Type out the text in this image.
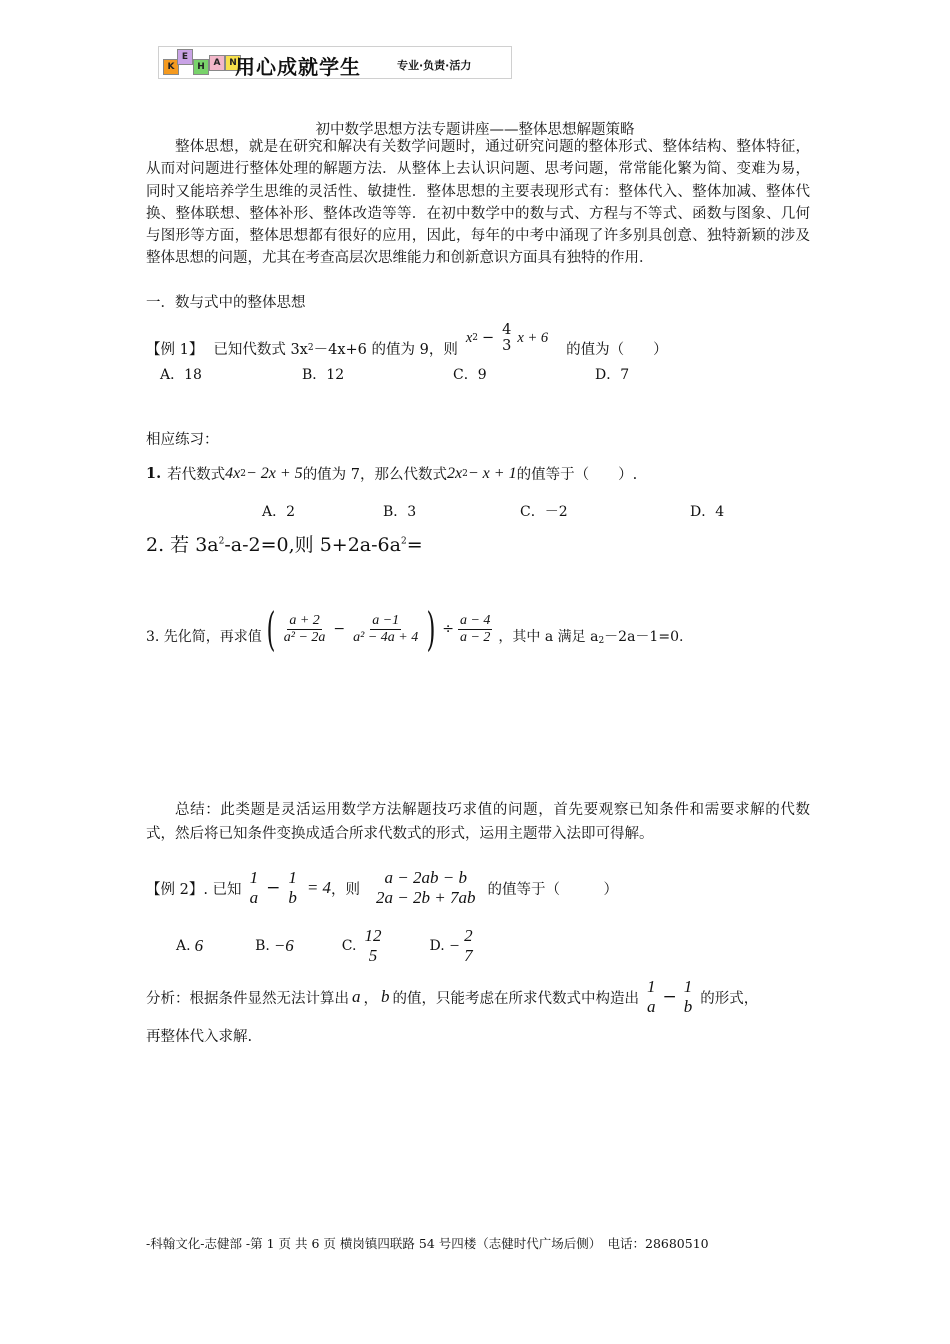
K
E
H A N
用心成就学生	专业·负责·活力
初中数学思想方法专题讲座——整体思想解题策略
整体思想，就是在研究和解决有关数学问题时，通过研究问题的整体形式、整体结构、整体特征，从而对问题进行整体处理的解题方法．从整体上去认识问题、思考问题，常常能化繁为简、变难为易，同时又能培养学生思维的灵活性、敏捷性．整体思想的主要表现形式有：整体代入、整体加减、整体代换、整体联想、整体补形、整体改造等等．在初中数学中的数与式、方程与不等式、函数与图象、几何与图形等方面，整体思想都有很好的应用，因此，每年的中考中涌现了许多别具创意、独特新颖的涉及整体思想的问题，尤其在考查高层次思维能力和创新意识方面具有独特的作用．
一．数与式中的整体思想
【例 1】 已知代数式 3x 2 －4x+6 的值为 9，则
x 2 − 4
3
x + 6
的值为（　　）
A．18	B．12	C．9	D．7
相应练习：
1. 若代数式 4x 2 − 2x + 5 的值为 7，那么代数式 2x 2 − x + 1 的值等于（　　）.
A．2	B．3	C．－2	D．4
2. 若 $3a^2-a-2=0$,则 $5+2a-6a^2=$
3. 先化简，再求值 ( $\frac{a + 2}{\text{a² − 2a}} - \frac{a -1}{\text{a² − 4a + 4}}$ ) ÷ $\frac{a - 4}{a - 2}$ ，其中 a 满足 a 2 －2a－1=0.
总结：此类题是灵活运用数学方法解题技巧求值的问题，首先要观察已知条件和需要求解的代数式，然后将已知条件变换成适合所求代数式的形式，运用主题带入法即可得解。
【例 2】 . 已知
1
a −
1
b
= 4 ，则
a − 2ab − b
2a − 2b + 7ab 的值等于（　　　）
A. 6	B. −6	C.
12
5	D. −
2
7
分析：根据条件显然无法计算出 a ， b 的值，只能考虑在所求代数式中构造出
1
a −
1
b 的形式，
再整体代入求解.
-科翰文化-志健部 -第 1 页 共 6 页 横岗镇四联路 54 号四楼（志健时代广场后侧）　电话：28680510
